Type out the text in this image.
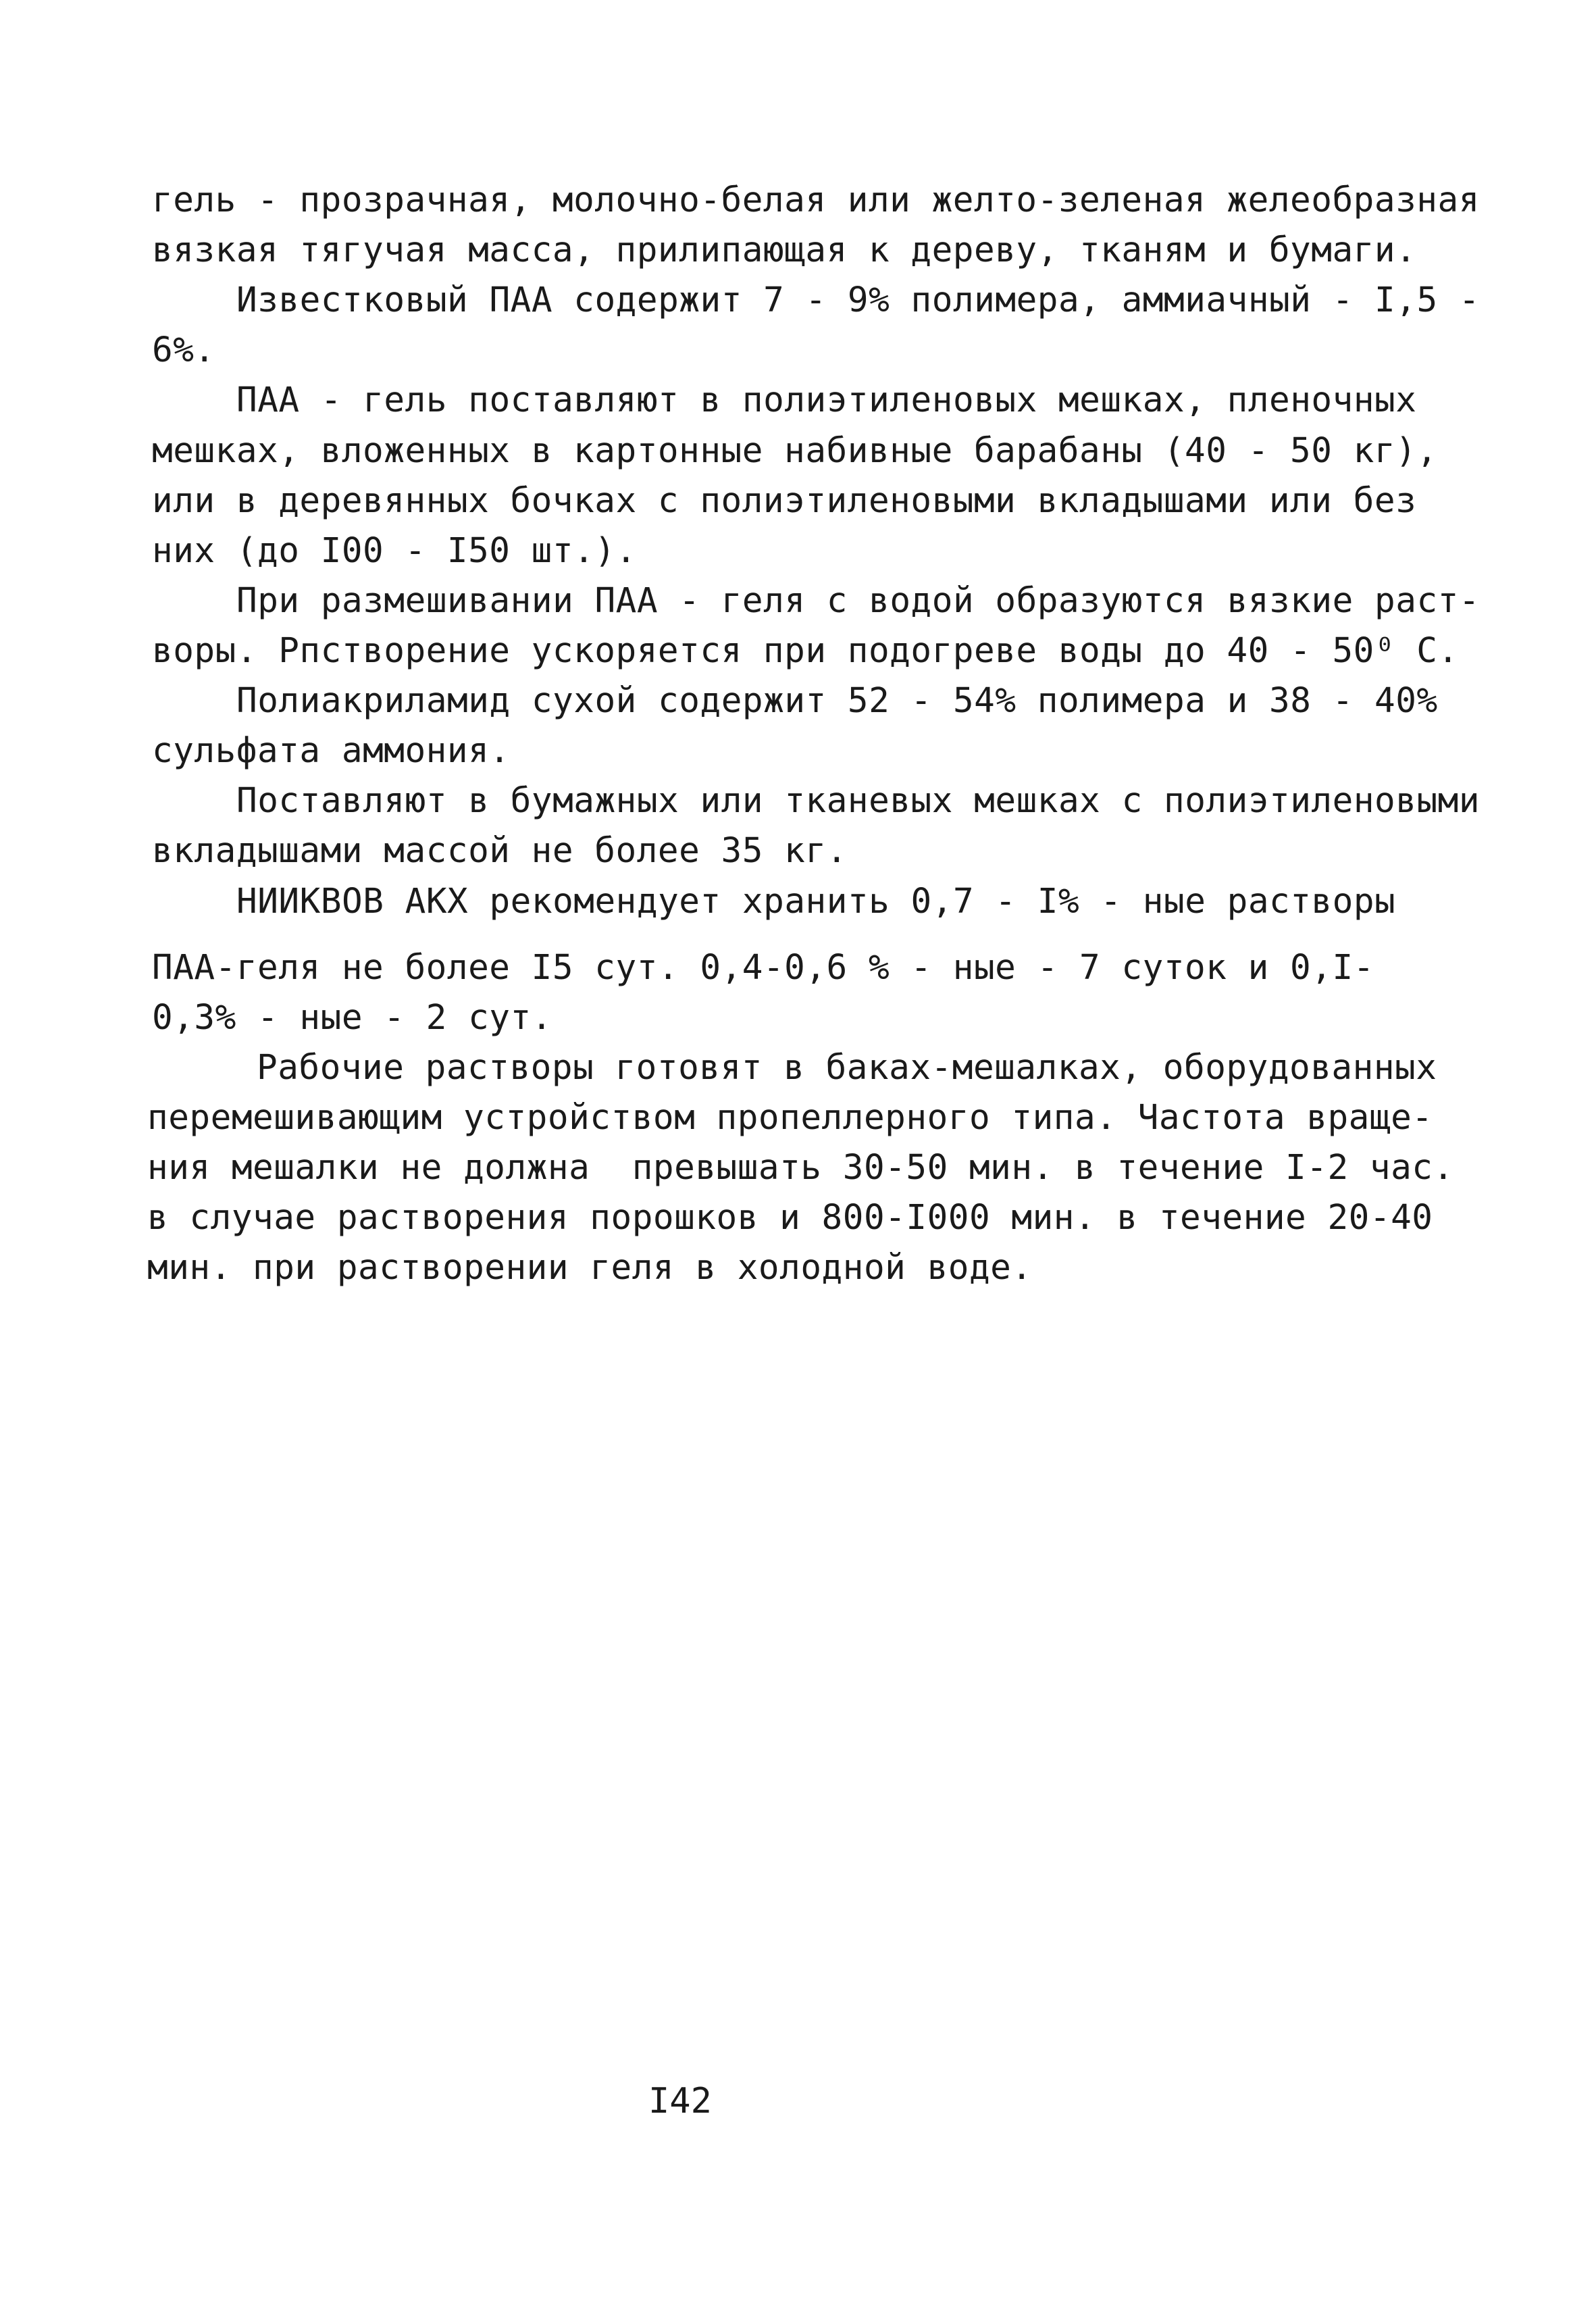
гель - прозрачная, молочно-белая или желто-зеленая желеобразная
вязкая тягучая масса, прилипающая к дереву, тканям и бумаги.
Известковый ПАА содержит 7 - 9% полимера, аммиачный - I,5 -
6%.
ПАА - гель поставляют в полиэтиленовых мешках, пленочных
мешках, вложенных в картонные набивные барабаны (40 - 50 кг),
или в деревянных бочках с полиэтиленовыми вкладышами или без
них (до I00 - I50 шт.).
При размешивании ПАА - геля с водой образуются вязкие раст-
воры. Рпстворение ускоряется при подогреве воды до 40 - 50⁰ С.
Полиакриламид сухой содержит 52 - 54% полимера и 38 - 40%
сульфата аммония.
Поставляют в бумажных или тканевых мешках с полиэтиленовыми
вкладышами массой не более 35 кг.
НИИКВОВ АКХ рекомендует хранить 0,7 - I% - ные растворы
ПАА-геля не более I5 сут. 0,4-0,6 % - ные - 7 суток и 0,I-
0,3% - ные - 2 сут.
Рабочие растворы готовят в баках-мешалках, оборудованных
перемешивающим устройством пропеллерного типа. Частота враще-
ния мешалки не должна  превышать 30-50 мин. в течение I-2 час.
в случае растворения порошков и 800-I000 мин. в течение 20-40
мин. при растворении геля в холодной воде.
I42
